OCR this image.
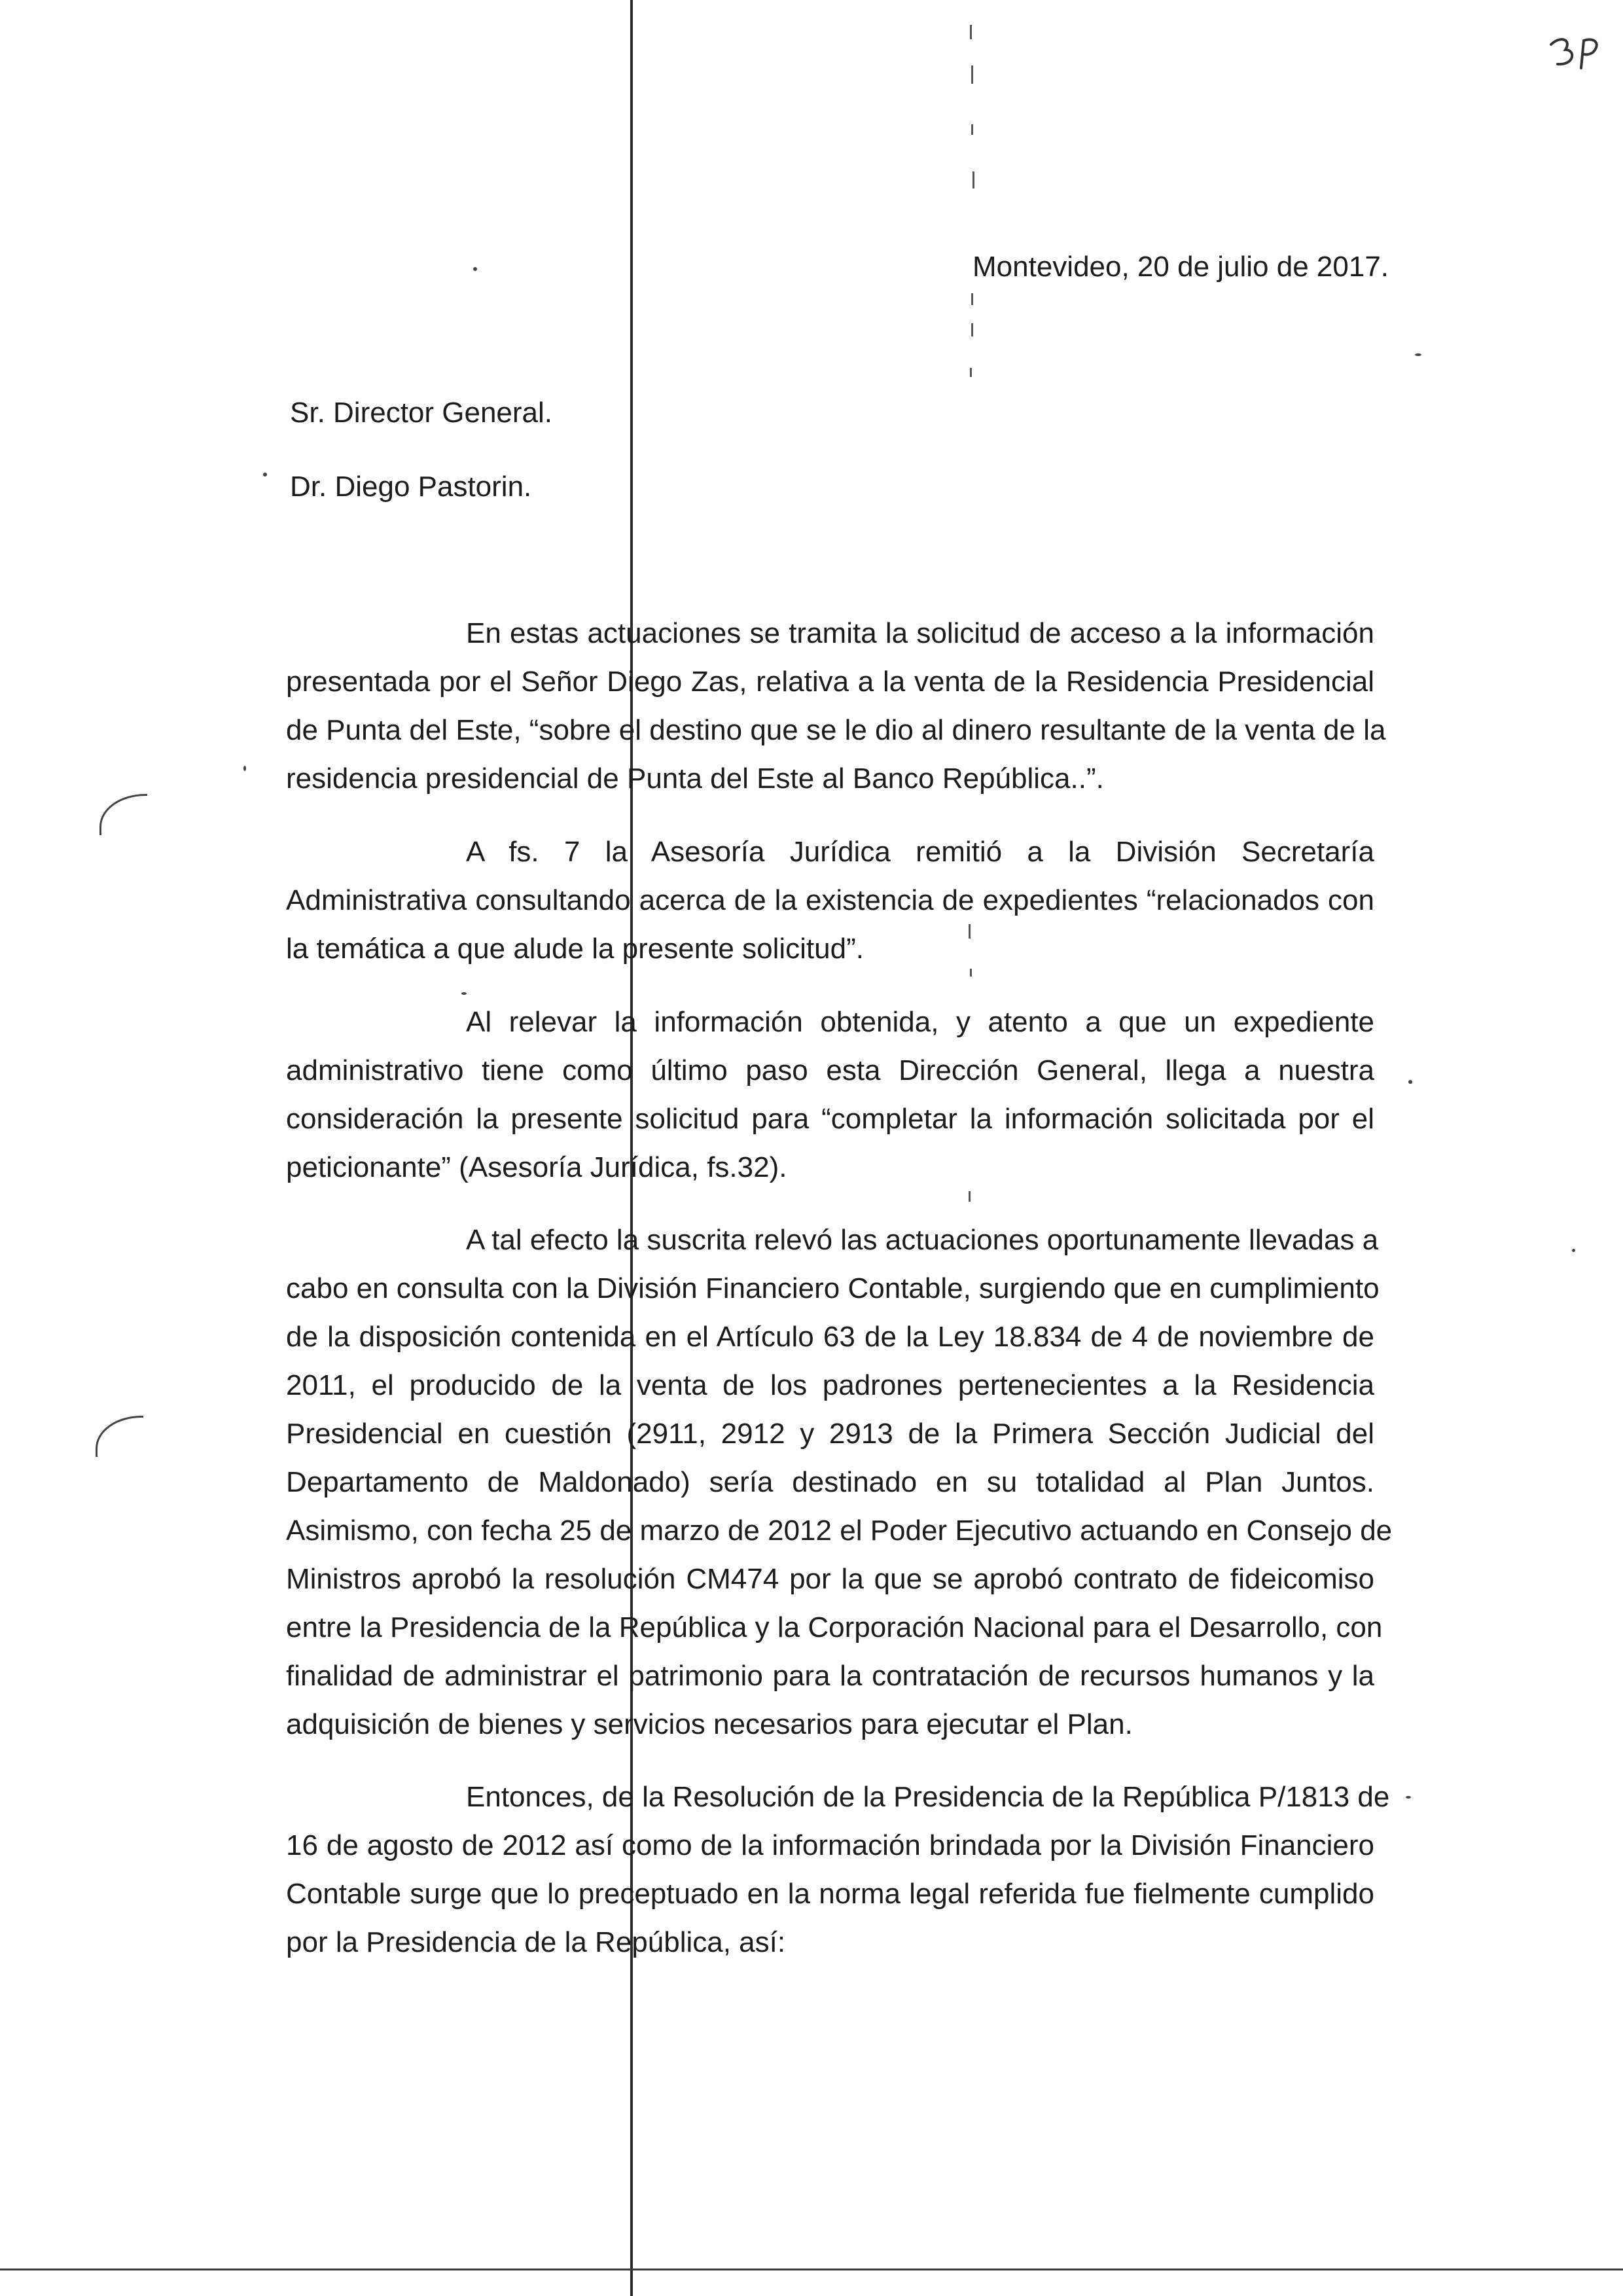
Montevideo, 20 de julio de 2017.
Sr. Director General.
Dr. Diego Pastorin.
En estas actuaciones se tramita la solicitud de acceso a la información
presentada por el Señor Diego Zas, relativa a la venta de la Residencia Presidencial
de Punta del Este, “sobre el destino que se le dio al dinero resultante de la venta de la
residencia presidencial de Punta del Este al Banco República..”.
A fs. 7 la Asesoría Jurídica remitió a la División Secretaría
Administrativa consultando acerca de la existencia de expedientes “relacionados con
la temática a que alude la presente solicitud”.
Al relevar la información obtenida, y atento a que un expediente
administrativo tiene como último paso esta Dirección General, llega a nuestra
consideración la presente solicitud para “completar la información solicitada por el
peticionante” (Asesoría Jurídica, fs.32).
A tal efecto la suscrita relevó las actuaciones oportunamente llevadas a
cabo en consulta con la División Financiero Contable, surgiendo que en cumplimiento
de la disposición contenida en el Artículo 63 de la Ley 18.834 de 4 de noviembre de
2011, el producido de la venta de los padrones pertenecientes a la Residencia
Presidencial en cuestión (2911, 2912 y 2913 de la Primera Sección Judicial del
Departamento de Maldonado) sería destinado en su totalidad al Plan Juntos.
Asimismo, con fecha 25 de marzo de 2012 el Poder Ejecutivo actuando en Consejo de
Ministros aprobó la resolución CM474 por la que se aprobó contrato de fideicomiso
entre la Presidencia de la República y la Corporación Nacional para el Desarrollo, con
finalidad de administrar el patrimonio para la contratación de recursos humanos y la
adquisición de bienes y servicios necesarios para ejecutar el Plan.
Entonces, de la Resolución de la Presidencia de la República P/1813 de
16 de agosto de 2012 así como de la información brindada por la División Financiero
Contable surge que lo preceptuado en la norma legal referida fue fielmente cumplido
por la Presidencia de la República, así:
